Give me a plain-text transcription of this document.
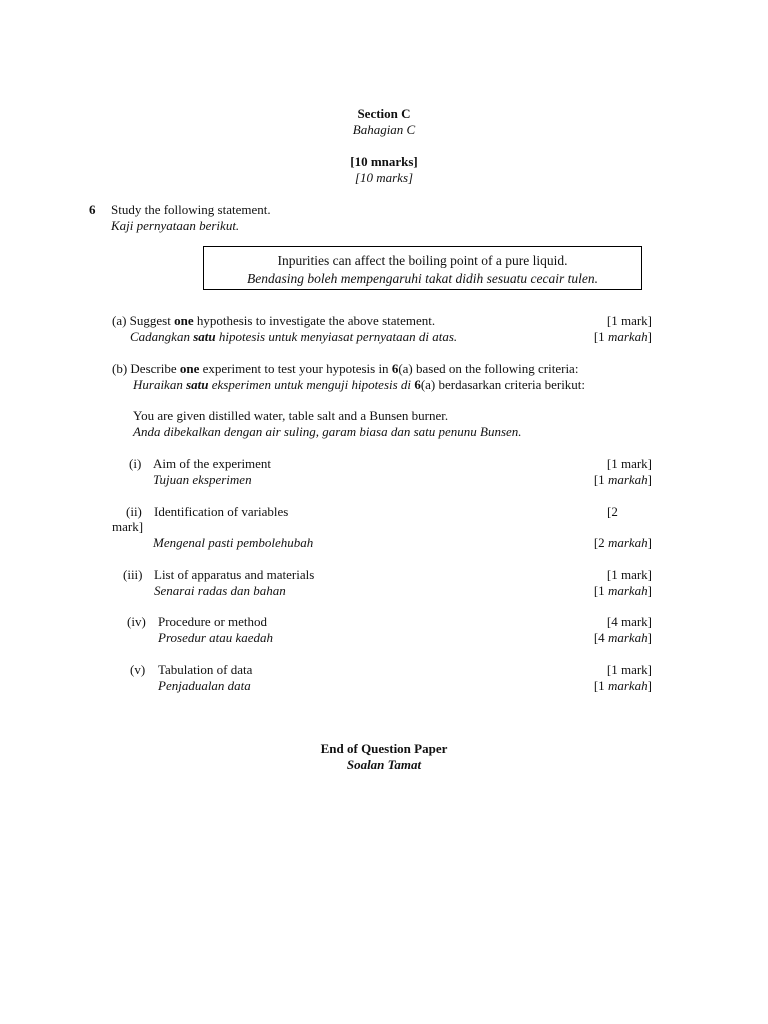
Section C
Bahagian C
[10 mnarks]
[10 marks]
6 Study the following statement.
Kaji pernyataan berikut.
Inpurities can affect the boiling point of a pure liquid.
Bendasing boleh mempengaruhi takat didih sesuatu cecair tulen.
(a) Suggest one hypothesis to investigate the above statement.	[1 mark]
Cadangkan satu hipotesis untuk menyiasat pernyataan di atas.	[1 markah]
(b) Describe one experiment to test your hypotesis in 6(a) based on the following criteria:
Huraikan satu eksperimen untuk menguji hipotesis di 6(a) berdasarkan criteria berikut:
You are given distilled water, table salt and a Bunsen burner.
Anda dibekalkan dengan air suling, garam biasa dan satu penunu Bunsen.
(i) Aim of the experiment	[1 mark]
Tujuan eksperimen	[1 markah]
(ii) Identification of variables	[2
mark]
Mengenal pasti pembolehubah	[2 markah]
(iii) List of apparatus and materials	[1 mark]
Senarai radas dan bahan	[1 markah]
(iv) Procedure or method	[4 mark]
Prosedur atau kaedah	[4 markah]
(v) Tabulation of data	[1 mark]
Penjadualan data	[1 markah]
End of Question Paper
Soalan Tamat
